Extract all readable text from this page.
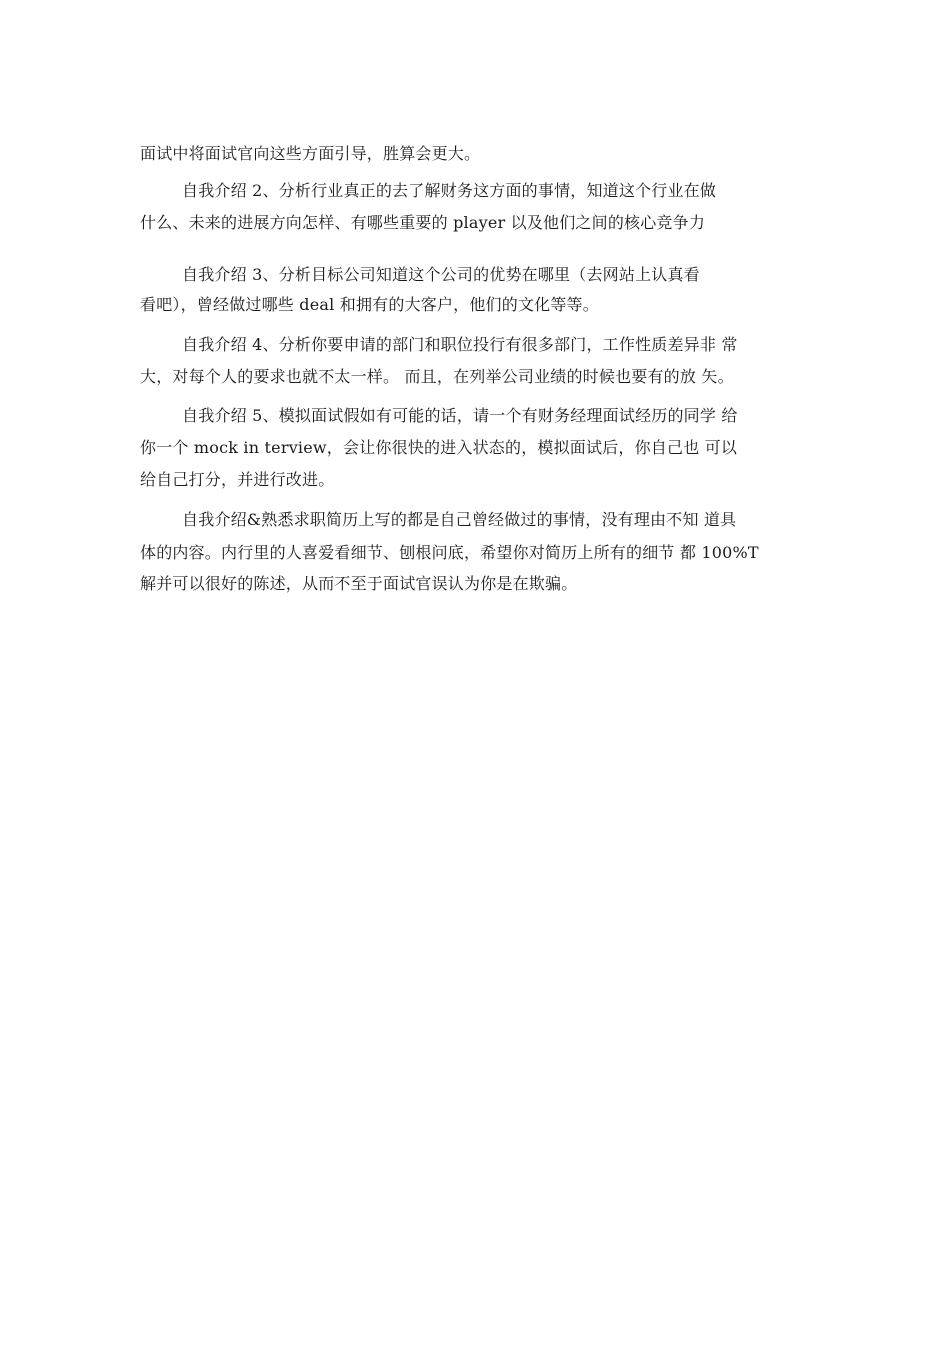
面试中将面试官向这些方面引导，胜算会更大。
自我介绍 2、分析行业真正的去了解财务这方面的事情，知道这个行业在做
什么、未来的进展方向怎样、有哪些重要的 player 以及他们之间的核心竞争力
自我介绍 3、分析目标公司知道这个公司的优势在哪里（去网站上认真看
看吧），曾经做过哪些 deal 和拥有的大客户，他们的文化等等。
自我介绍 4、分析你要申请的部门和职位投行有很多部门，工作性质差异非 常
大，对每个人的要求也就不太一样。 而且，在列举公司业绩的时候也要有的放 矢。
自我介绍 5、模拟面试假如有可能的话，请一个有财务经理面试经历的同学 给
你一个 mock in terview，会让你很快的进入状态的，模拟面试后，你自己也 可以
给自己打分，并进行改进。
自我介绍&熟悉求职简历上写的都是自己曾经做过的事情，没有理由不知 道具
体的内容。内行里的人喜爱看细节、刨根问底，希望你对简历上所有的细节 都 100%T
解并可以很好的陈述，从而不至于面试官误认为你是在欺骗。
